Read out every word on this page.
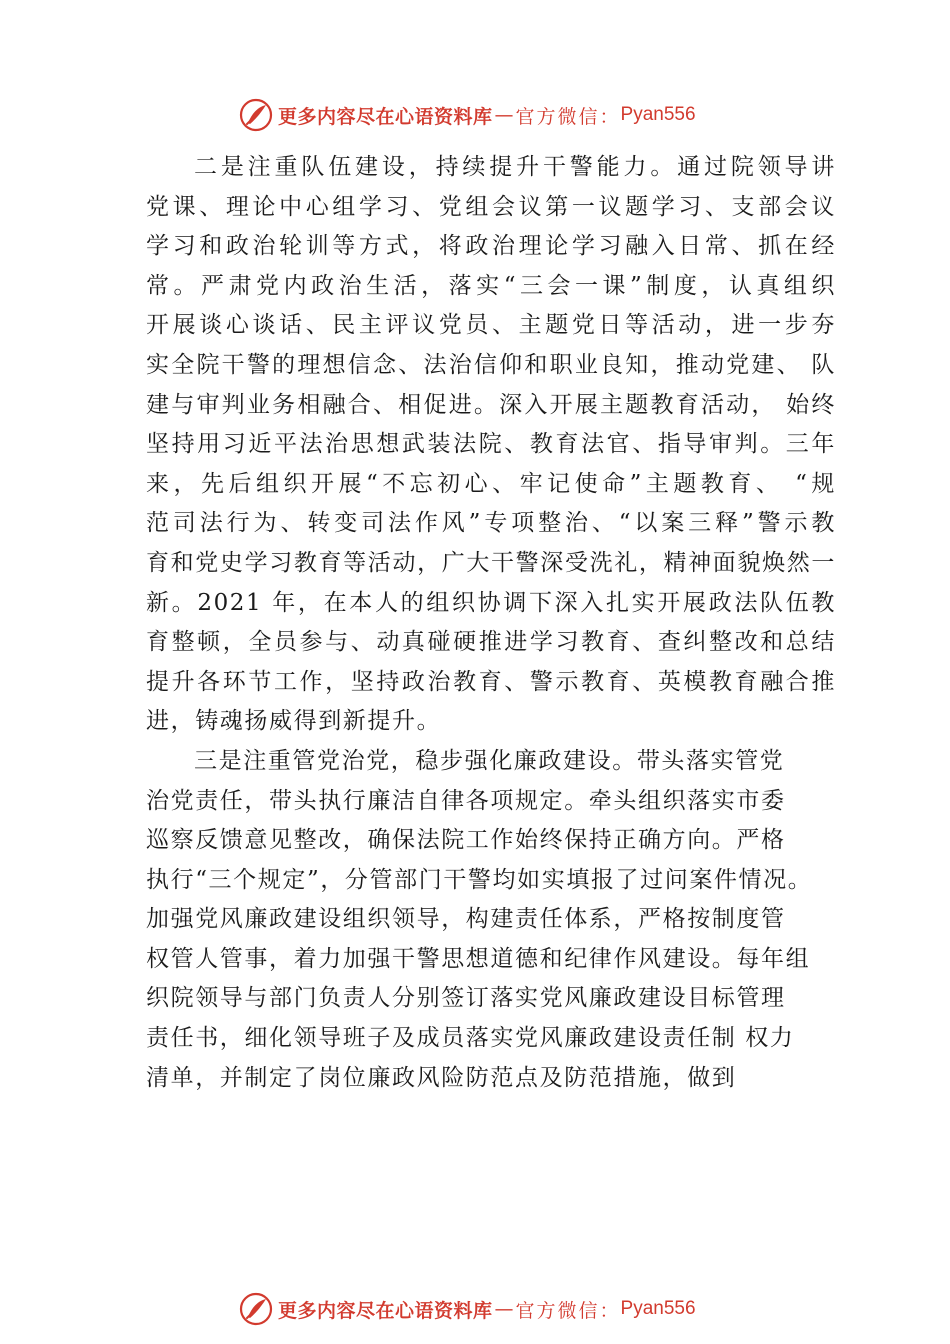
更多内容尽在心语资料库 — 官方微信： Pyan556
二是注重队伍建设，持续提升干警能力。通过院领导讲
党课、理论中心组学习、党组会议第一议题学习、支部会议
学习和政治轮训等方式，将政治理论学习融入日常、抓在经
常。严肃党内政治生活，落实“三会一课”制度，认真组织
开展谈心谈话、民主评议党员、主题党日等活动，进一步夯
实全院干警的理想信念、法治信仰和职业良知，推动党建、 队
建与审判业务相融合、相促进。深入开展主题教育活动， 始终
坚持用习近平法治思想武装法院、教育法官、指导审判。三年
来，先后组织开展“不忘初心、牢记使命”主题教育、 “规
范司法行为、转变司法作风”专项整治、“以案三释”警示教
育和党史学习教育等活动，广大干警深受洗礼，精神面貌焕然一
新。2021 年，在本人的组织协调下深入扎实开展政法队伍教
育整顿，全员参与、动真碰硬推进学习教育、查纠整改和总结
提升各环节工作，坚持政治教育、警示教育、英模教育融合推
进，铸魂扬威得到新提升。
三是注重管党治党，稳步强化廉政建设。带头落实管党
治党责任，带头执行廉洁自律各项规定。牵头组织落实市委
巡察反馈意见整改，确保法院工作始终保持正确方向。严格
执行“三个规定”，分管部门干警均如实填报了过问案件情况。
加强党风廉政建设组织领导，构建责任体系，严格按制度管
权管人管事，着力加强干警思想道德和纪律作风建设。每年组
织院领导与部门负责人分别签订落实党风廉政建设目标管理
责任书，细化领导班子及成员落实党风廉政建设责任制 权力
清单，并制定了岗位廉政风险防范点及防范措施，做到
更多内容尽在心语资料库 — 官方微信： Pyan556
